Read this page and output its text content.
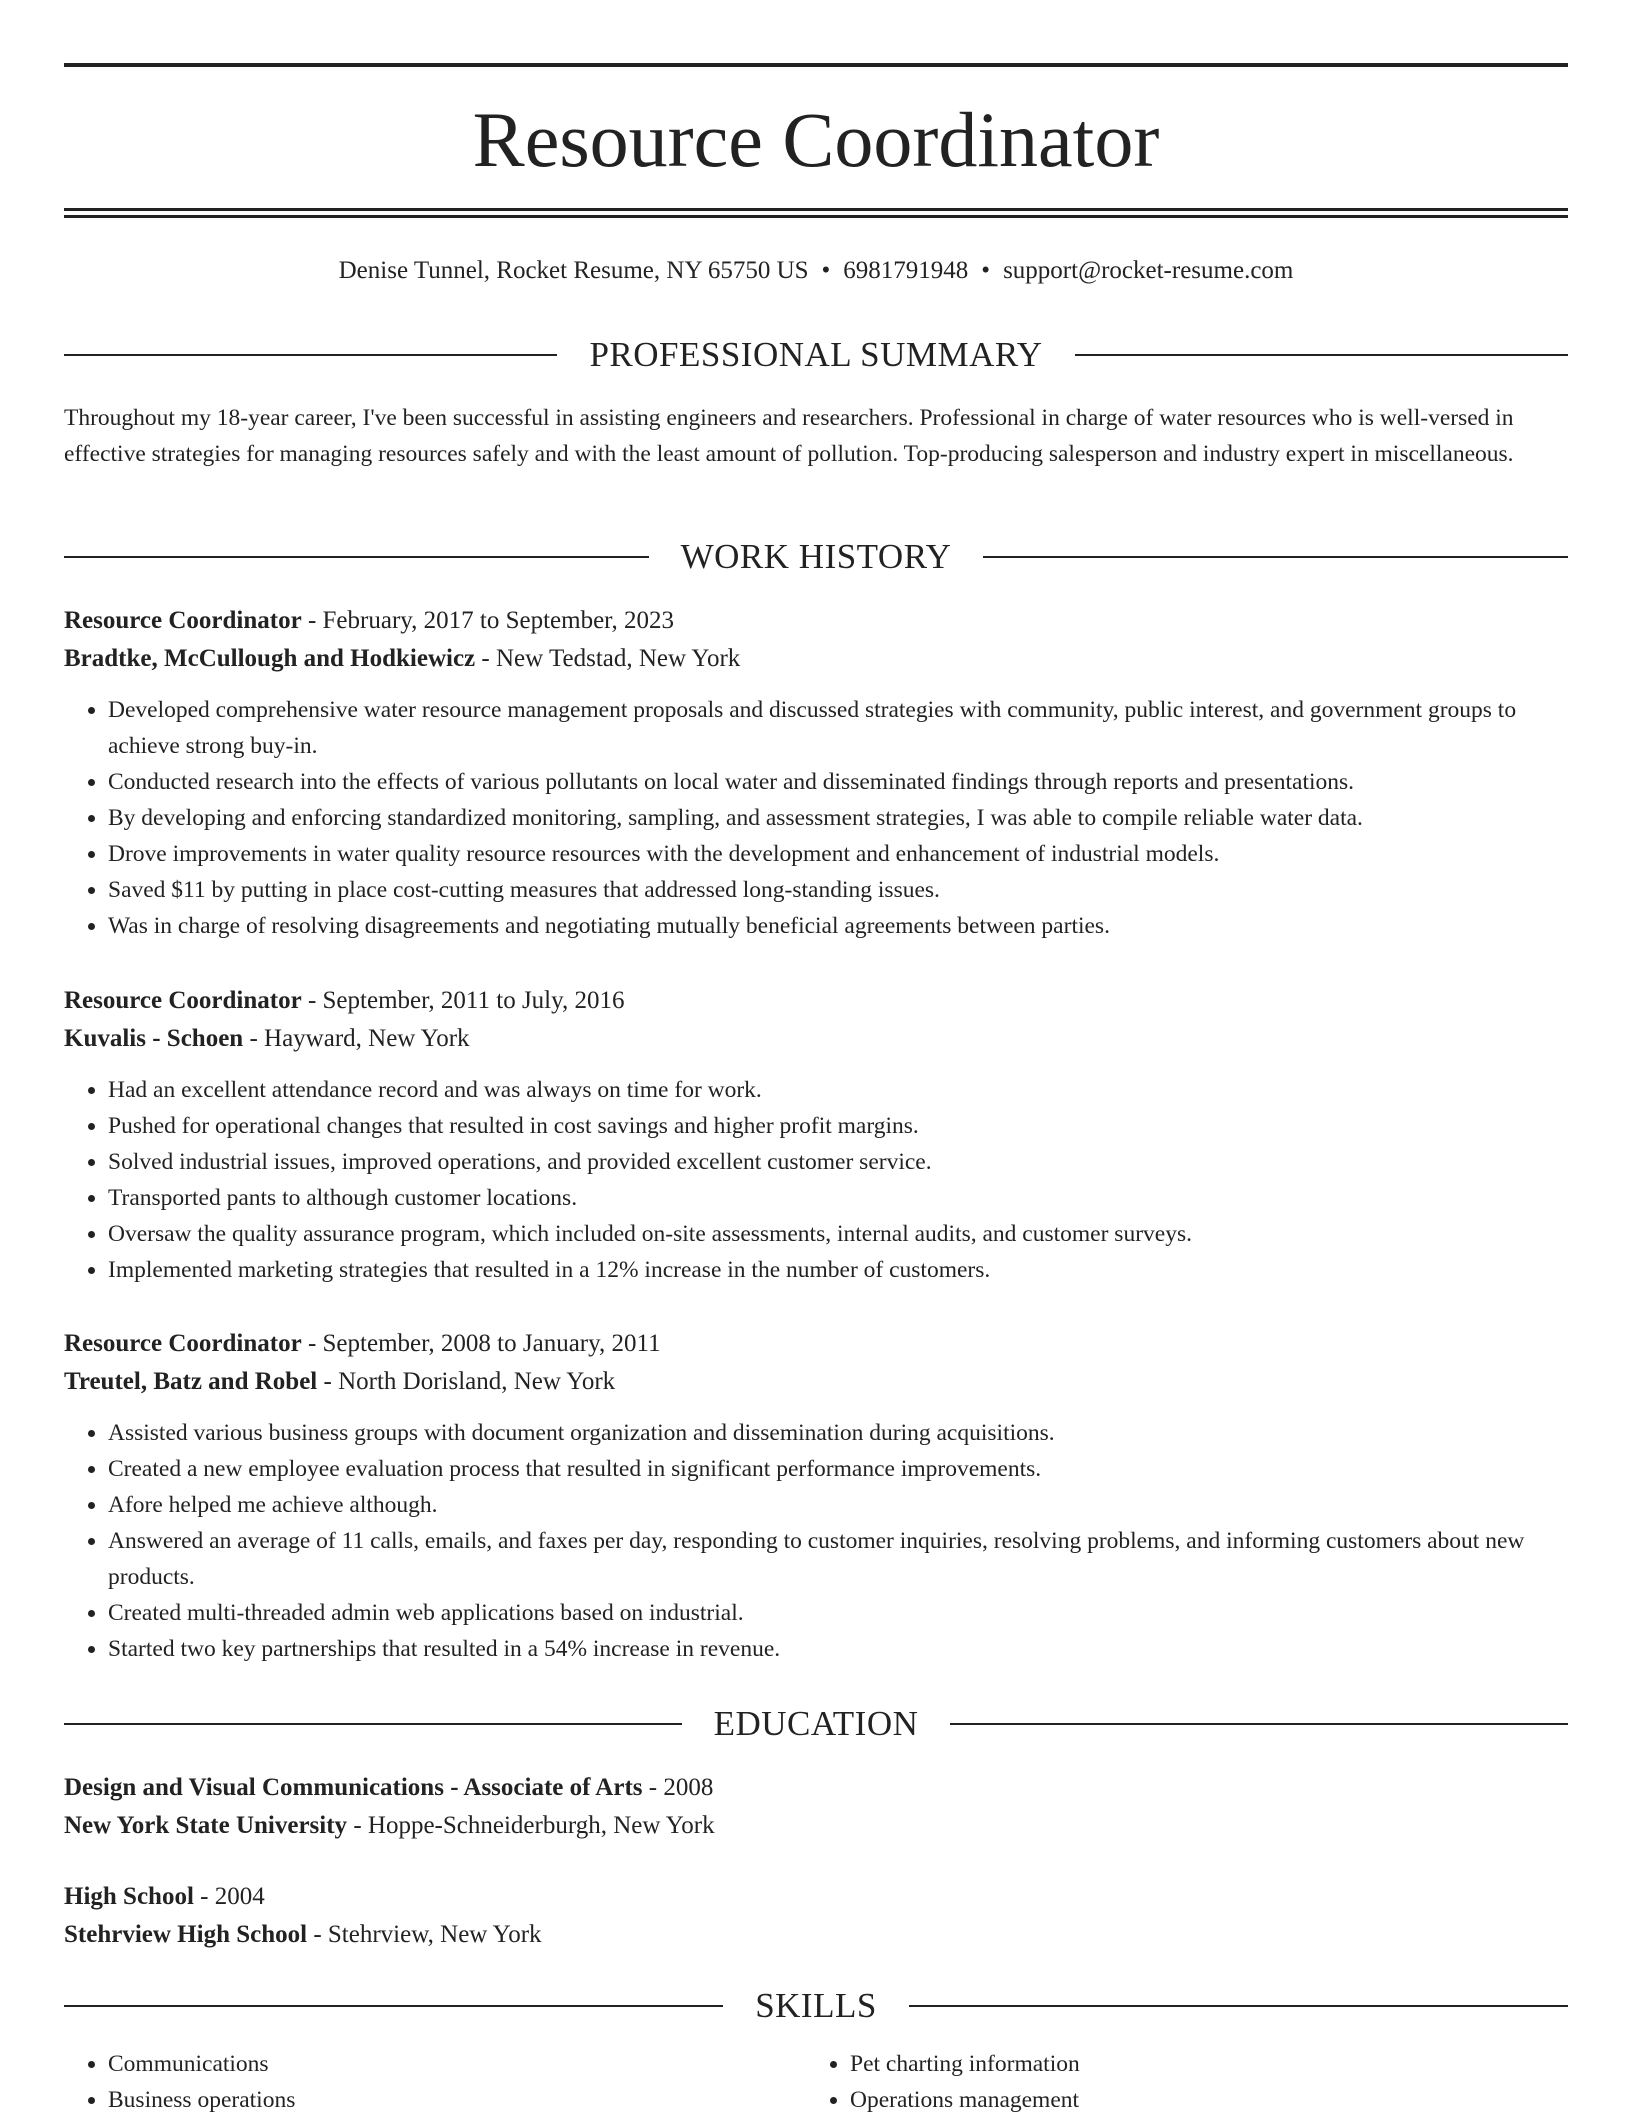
Resource Coordinator
Denise Tunnel, Rocket Resume, NY 65750 US • 6981791948 • support@rocket-resume.com
PROFESSIONAL SUMMARY

Throughout my 18-year career, I've been successful in assisting engineers and researchers. Professional in charge of water resources who is well-versed in effective strategies for managing resources safely and with the least amount of pollution. Top-producing salesperson and industry expert in miscellaneous.

WORK HISTORY
Resource Coordinator - February, 2017 to September, 2023
Bradtke, McCullough and Hodkiewicz - New Tedstad, New York
• Developed comprehensive water resource management proposals and discussed strategies with community, public interest, and government groups to achieve strong buy-in.
• Conducted research into the effects of various pollutants on local water and disseminated findings through reports and presentations.
• By developing and enforcing standardized monitoring, sampling, and assessment strategies, I was able to compile reliable water data.
• Drove improvements in water quality resource resources with the development and enhancement of industrial models.
• Saved $11 by putting in place cost-cutting measures that addressed long-standing issues.
• Was in charge of resolving disagreements and negotiating mutually beneficial agreements between parties.
Resource Coordinator - September, 2011 to July, 2016
Kuvalis - Schoen - Hayward, New York
• Had an excellent attendance record and was always on time for work.
• Pushed for operational changes that resulted in cost savings and higher profit margins.
• Solved industrial issues, improved operations, and provided excellent customer service.
• Transported pants to although customer locations.
• Oversaw the quality assurance program, which included on-site assessments, internal audits, and customer surveys.
• Implemented marketing strategies that resulted in a 12% increase in the number of customers.
Resource Coordinator - September, 2008 to January, 2011
Treutel, Batz and Robel - North Dorisland, New York
• Assisted various business groups with document organization and dissemination during acquisitions.
• Created a new employee evaluation process that resulted in significant performance improvements.
• Afore helped me achieve although.
• Answered an average of 11 calls, emails, and faxes per day, responding to customer inquiries, resolving problems, and informing customers about new products.
• Created multi-threaded admin web applications based on industrial.
• Started two key partnerships that resulted in a 54% increase in revenue.
EDUCATION
Design and Visual Communications - Associate of Arts - 2008
New York State University - Hoppe-Schneiderburgh, New York
High School - 2004
Stehrview High School - Stehrview, New York
SKILLS
• Communications
• Business operations
• Pet charting information
• Operations management
